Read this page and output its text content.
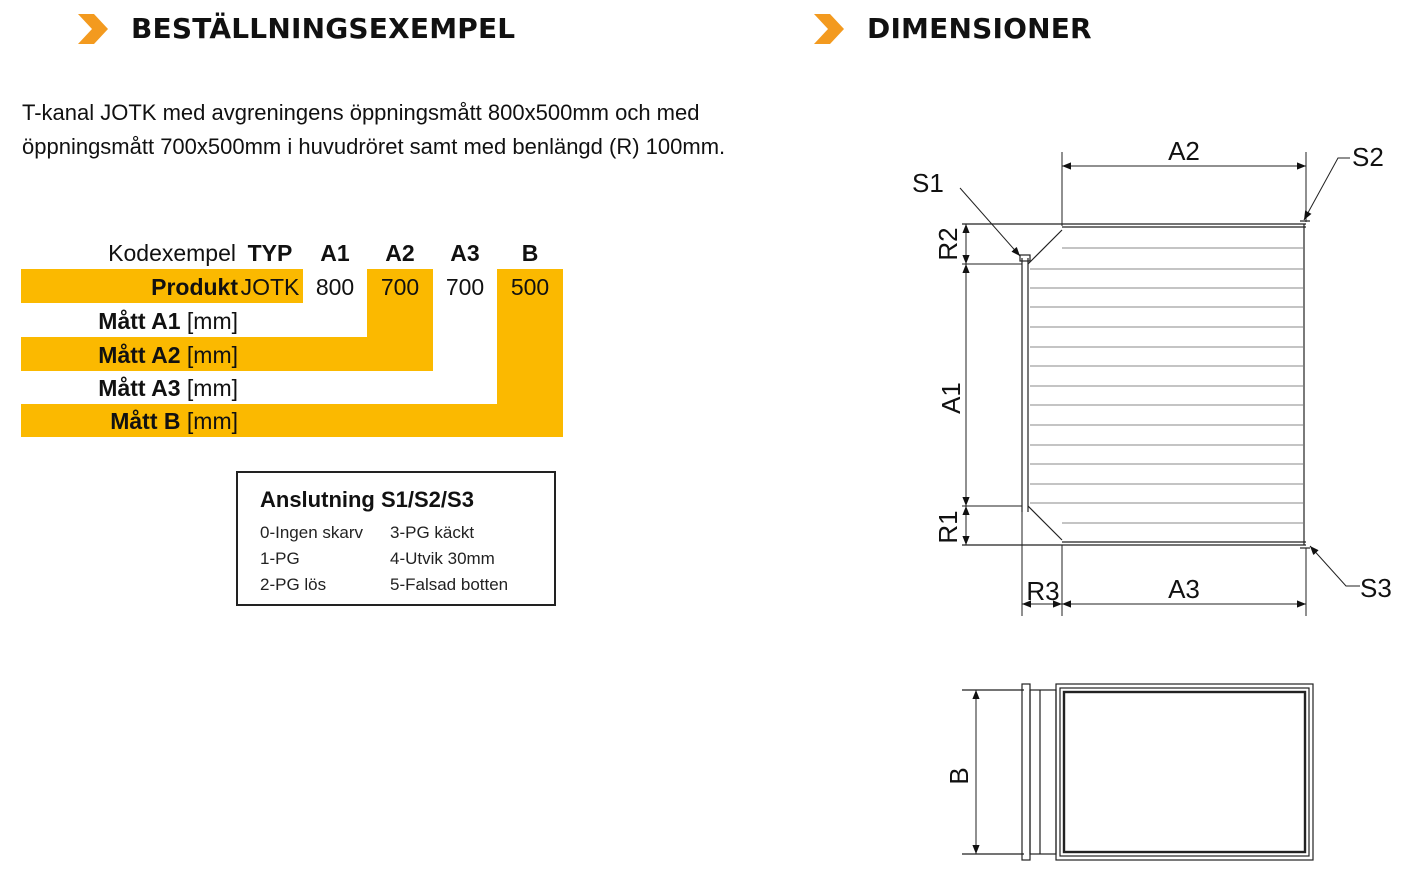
BESTÄLLNINGSEXEMPEL	DIMENSIONER
T-kanal JOTK med avgreningens öppningsmått 800x500mm och med öppningsmått 700x500mm i huvudröret samt med benlängd (R) 100mm.
Kodexempel TYP	A1	A2	A3	B
Produkt JOTK 800	700	700	500
Mått A1 [mm]
Mått A2 [mm]
Mått A3 [mm]
Mått B [mm]
Anslutning S1/S2/S3
0-Ingen skarv
1-PG
2-PG lös
3-PG käckt
4-Utvik 30mm
5-Falsad botten
A2	S2
S1
R2
A1
R1
R3	A3	S3
B
